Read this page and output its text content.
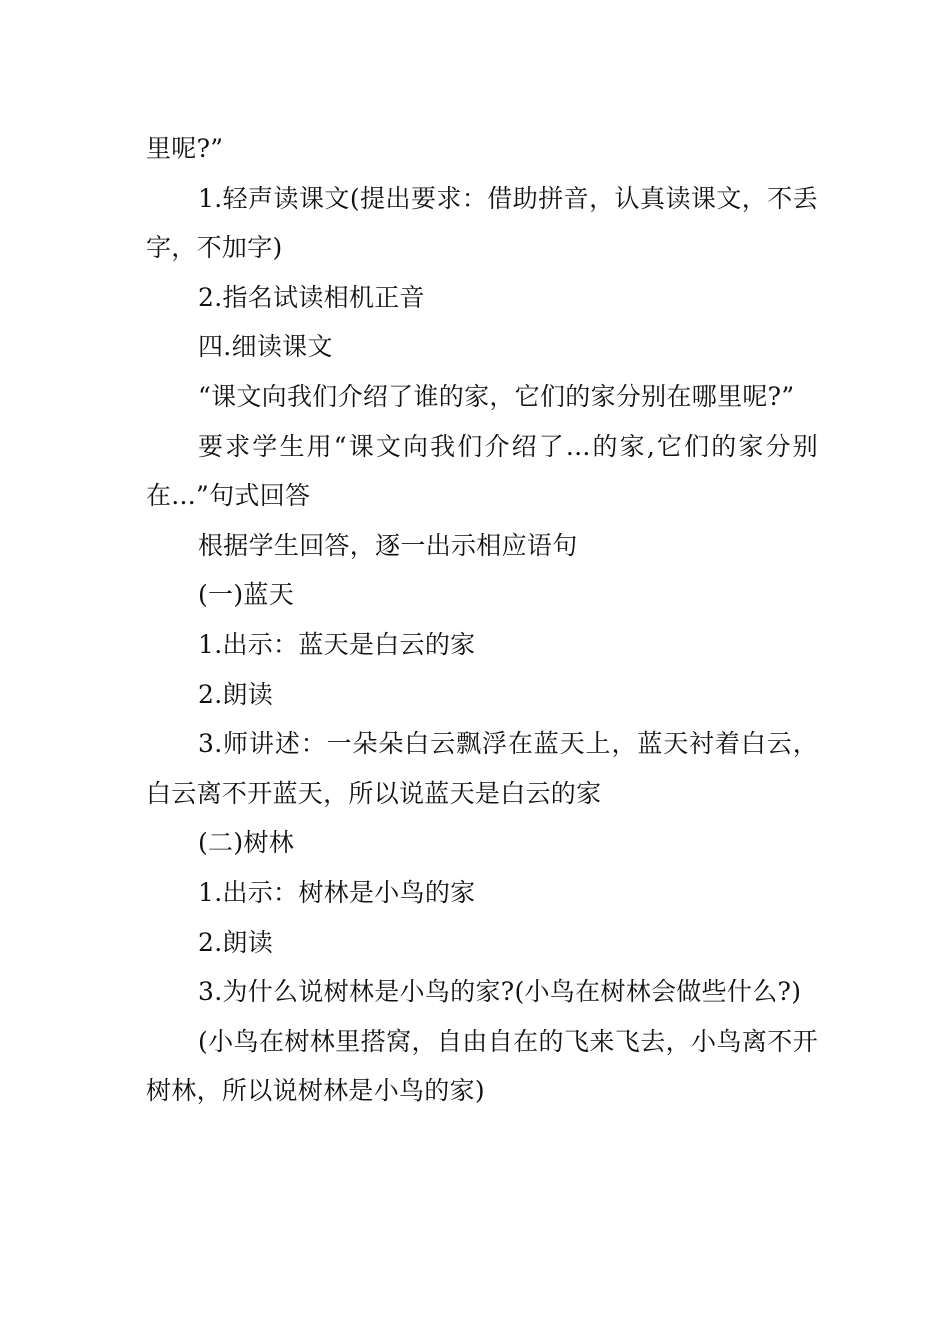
里呢?”

1.轻声读课文(提出要求：借助拼音，认真读课文，不丢字，不加字)

2.指名试读相机正音

四.细读课文

“课文向我们介绍了谁的家，它们的家分别在哪里呢?”

要求学生用“课文向我们介绍了...的家,它们的家分别在...”句式回答

根据学生回答，逐一出示相应语句

(一)蓝天

1.出示：蓝天是白云的家

2.朗读

3.师讲述：一朵朵白云飘浮在蓝天上，蓝天衬着白云，白云离不开蓝天，所以说蓝天是白云的家

(二)树林

1.出示：树林是小鸟的家

2.朗读

3.为什么说树林是小鸟的家?(小鸟在树林会做些什么?)

(小鸟在树林里搭窝，自由自在的飞来飞去，小鸟离不开树林，所以说树林是小鸟的家)
